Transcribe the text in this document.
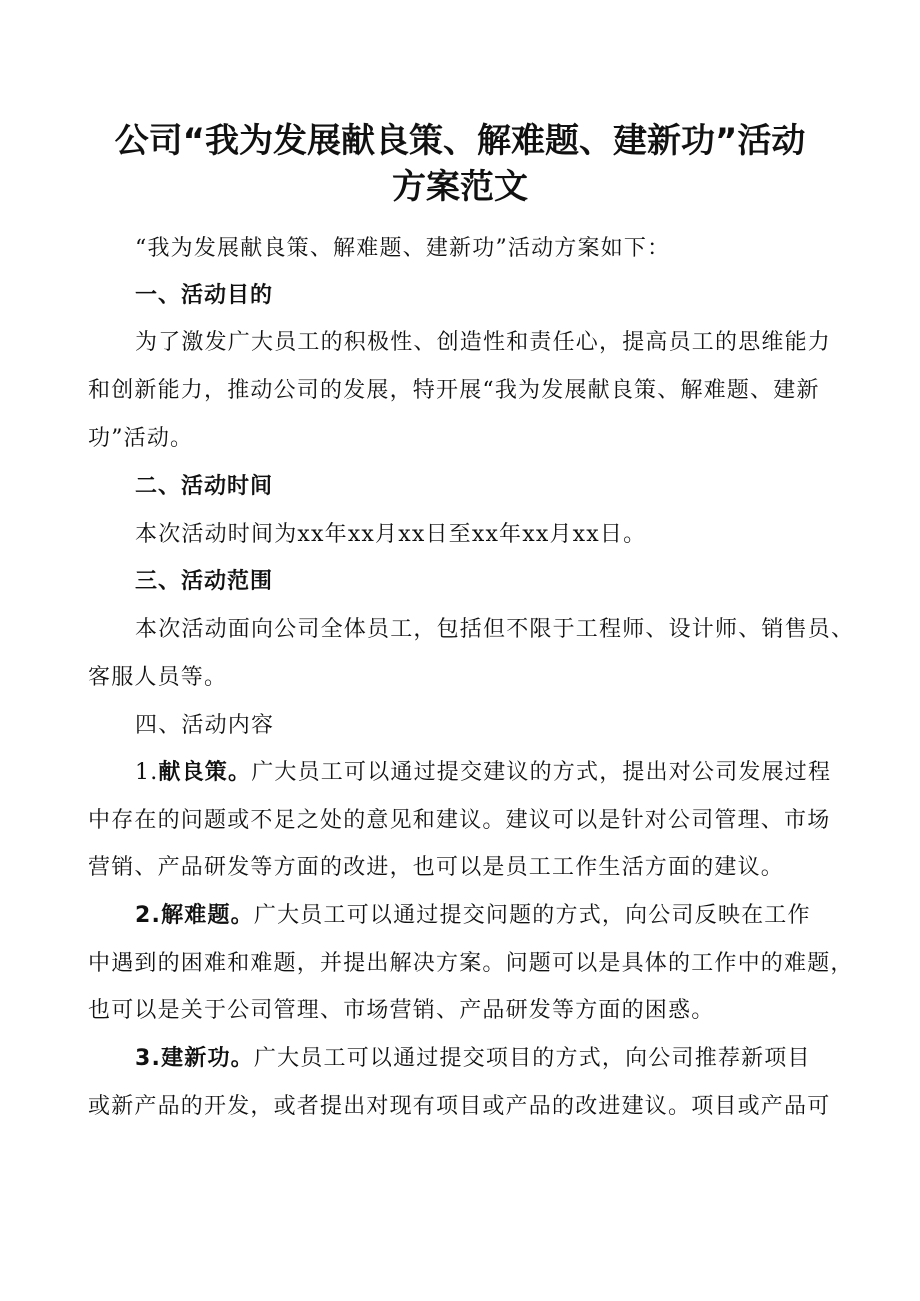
公司“我为发展献良策、解难题、建新功”活动
方案范文
“我为发展献良策、解难题、建新功”活动方案如下：
一、活动目的
为了激发广大员工的积极性、创造性和责任心，提高员工的思维能力
和创新能力，推动公司的发展，特开展“我为发展献良策、解难题、建新
功”活动。
二、活动时间
本次活动时间为xx年xx月xx日至xx年xx月xx日。
三、活动范围
本次活动面向公司全体员工，包括但不限于工程师、设计师、销售员、
客服人员等。
四、活动内容
1.献良策。广大员工可以通过提交建议的方式，提出对公司发展过程
中存在的问题或不足之处的意见和建议。建议可以是针对公司管理、市场
营销、产品研发等方面的改进，也可以是员工工作生活方面的建议。
2.解难题。广大员工可以通过提交问题的方式，向公司反映在工作
中遇到的困难和难题，并提出解决方案。问题可以是具体的工作中的难题，
也可以是关于公司管理、市场营销、产品研发等方面的困惑。
3.建新功。广大员工可以通过提交项目的方式，向公司推荐新项目
或新产品的开发，或者提出对现有项目或产品的改进建议。项目或产品可
